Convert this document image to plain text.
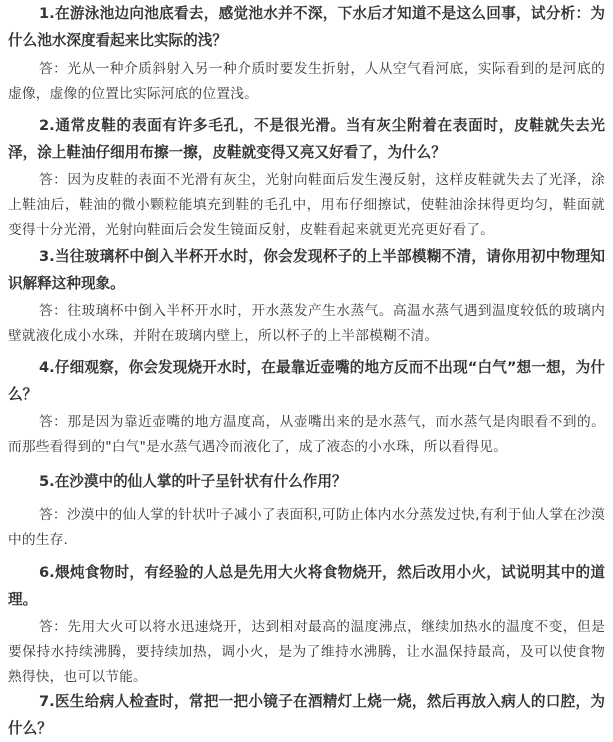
1.在游泳池边向池底看去，感觉池水并不深，下水后才知道不是这么回事，试分析：为什么池水深度看起来比实际的浅？

答：光从一种介质斜射入另一种介质时要发生折射，人从空气看河底，实际看到的是河底的虚像，虚像的位置比实际河底的位置浅。

2.通常皮鞋的表面有许多毛孔，不是很光滑。当有灰尘附着在表面时，皮鞋就失去光泽，涂上鞋油仔细用布擦一擦，皮鞋就变得又亮又好看了，为什么？

答：因为皮鞋的表面不光滑有灰尘，光射向鞋面后发生漫反射，这样皮鞋就失去了光泽，涂上鞋油后，鞋油的微小颗粒能填充到鞋的毛孔中，用布仔细擦试，使鞋油涂抹得更均匀，鞋面就变得十分光滑，光射向鞋面后会发生镜面反射，皮鞋看起来就更光亮更好看了。

3.当往玻璃杯中倒入半杯开水时，你会发现杯子的上半部模糊不清，请你用初中物理知识解释这种现象。

答：往玻璃杯中倒入半杯开水时，开水蒸发产生水蒸气。高温水蒸气遇到温度较低的玻璃内壁就液化成小水珠，并附在玻璃内壁上，所以杯子的上半部模糊不清。

4.仔细观察，你会发现烧开水时，在最靠近壶嘴的地方反而不出现“白气”想一想，为什么？

答：那是因为靠近壶嘴的地方温度高，从壶嘴出来的是水蒸气，而水蒸气是肉眼看不到的。而那些看得到的"白气"是水蒸气遇冷而液化了，成了液态的小水珠，所以看得见。

5.在沙漠中的仙人掌的叶子呈针状有什么作用？

答：沙漠中的仙人掌的针状叶子减小了表面积,可防止体内水分蒸发过快,有利于仙人掌在沙漠中的生存.

6.煨炖食物时，有经验的人总是先用大火将食物烧开，然后改用小火，试说明其中的道理。

答：先用大火可以将水迅速烧开，达到相对最高的温度沸点，继续加热水的温度不变，但是要保持水持续沸腾，要持续加热，调小火，是为了维持水沸腾，让水温保持最高，及可以使食物熟得快，也可以节能。

7.医生给病人检查时，常把一把小镜子在酒精灯上烧一烧，然后再放入病人的口腔，为什么？
